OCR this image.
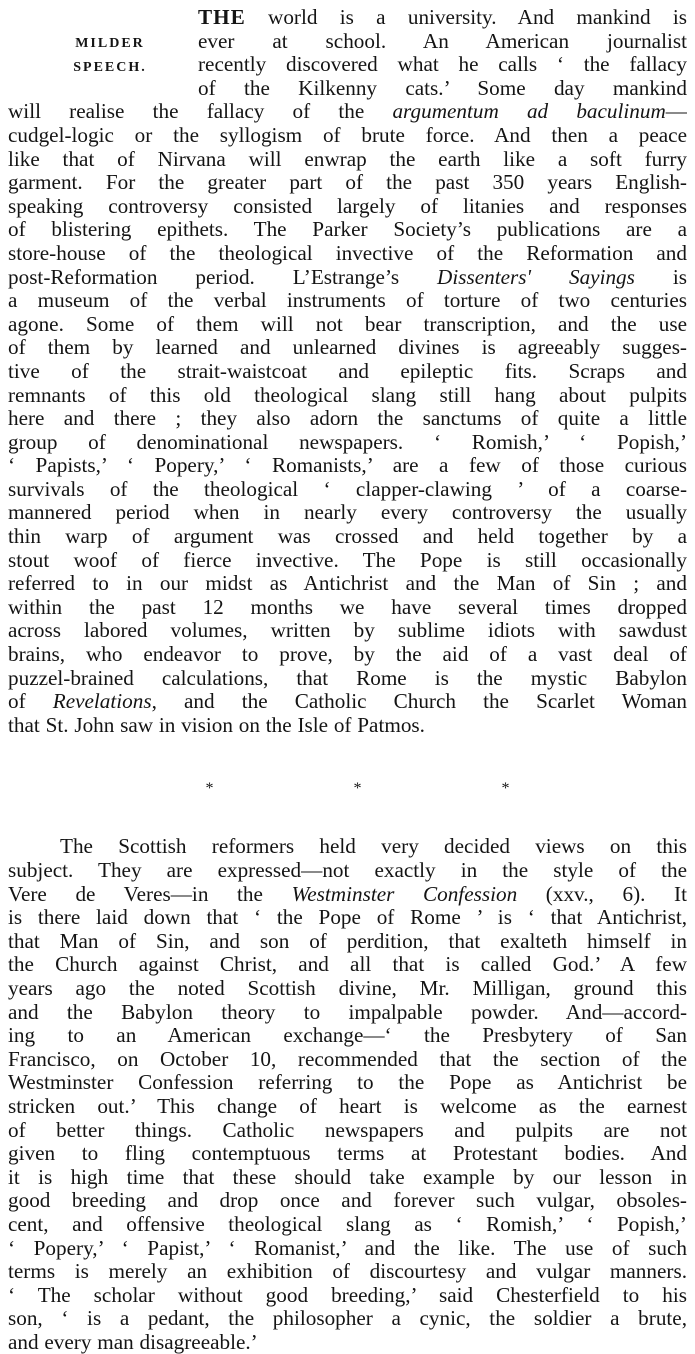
MILDER
SPEECH.
THE world is a university. And mankind is
ever at school. An American journalist
recently discovered what he calls ‘ the fallacy
of the Kilkenny cats.’ Some day mankind
will realise the fallacy of the argumentum ad baculinum—
cudgel-logic or the syllogism of brute force. And then a peace
like that of Nirvana will enwrap the earth like a soft furry
garment. For the greater part of the past 350 years English-
speaking controversy consisted largely of litanies and responses
of blistering epithets. The Parker Society’s publications are a
store-house of the theological invective of the Reformation and
post-Reformation period. L’Estrange’s Dissenters' Sayings is
a museum of the verbal instruments of torture of two centuries
agone. Some of them will not bear transcription, and the use
of them by learned and unlearned divines is agreeably sugges-
tive of the strait-waistcoat and epileptic fits. Scraps and
remnants of this old theological slang still hang about pulpits
here and there ; they also adorn the sanctums of quite a little
group of denominational newspapers. ‘ Romish,’ ‘ Popish,’
‘ Papists,’ ‘ Popery,’ ‘ Romanists,’ are a few of those curious
survivals of the theological ‘ clapper-clawing ’ of a coarse-
mannered period when in nearly every controversy the usually
thin warp of argument was crossed and held together by a
stout woof of fierce invective. The Pope is still occasionally
referred to in our midst as Antichrist and the Man of Sin ; and
within the past 12 months we have several times dropped
across labored volumes, written by sublime idiots with sawdust
brains, who endeavor to prove, by the aid of a vast deal of
puzzel-brained calculations, that Rome is the mystic Babylon
of Revelations, and the Catholic Church the Scarlet Woman
that St. John saw in vision on the Isle of Patmos.
*	*	*
The Scottish reformers held very decided views on this
subject. They are expressed—not exactly in the style of the
Vere de Veres—in the Westminster Confession (xxv., 6). It
is there laid down that ‘ the Pope of Rome ’ is ‘ that Antichrist,
that Man of Sin, and son of perdition, that exalteth himself in
the Church against Christ, and all that is called God.’ A few
years ago the noted Scottish divine, Mr. Milligan, ground this
and the Babylon theory to impalpable powder. And—accord-
ing to an American exchange—‘ the Presbytery of San
Francisco, on October 10, recommended that the section of the
Westminster Confession referring to the Pope as Antichrist be
stricken out.’ This change of heart is welcome as the earnest
of better things. Catholic newspapers and pulpits are not
given to fling contemptuous terms at Protestant bodies. And
it is high time that these should take example by our lesson in
good breeding and drop once and forever such vulgar, obsoles-
cent, and offensive theological slang as ‘ Romish,’ ‘ Popish,’
‘ Popery,’ ‘ Papist,’ ‘ Romanist,’ and the like. The use of such
terms is merely an exhibition of discourtesy and vulgar manners.
‘ The scholar without good breeding,’ said Chesterfield to his
son, ‘ is a pedant, the philosopher a cynic, the soldier a brute,
and every man disagreeable.’
